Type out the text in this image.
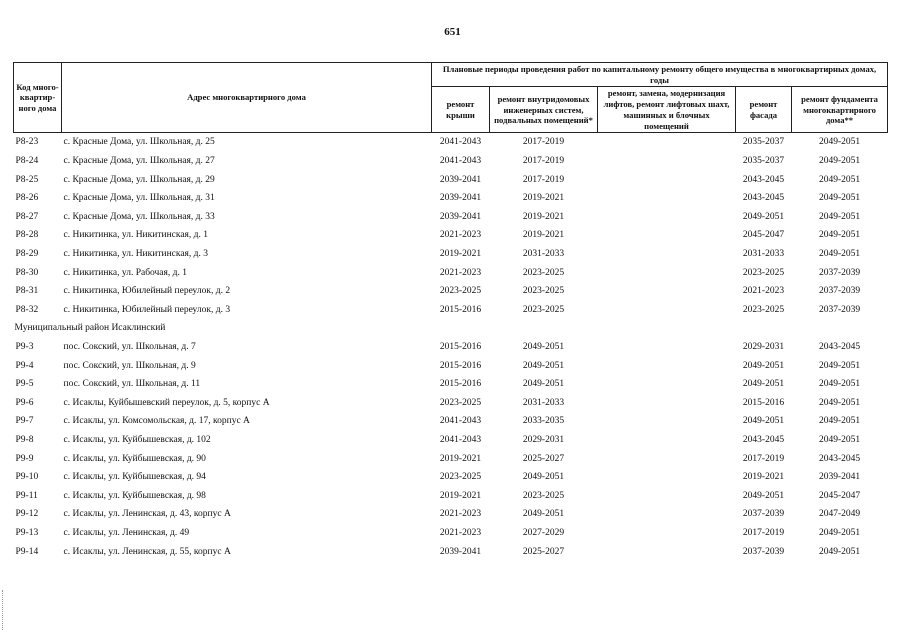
651
Код много-квартир-ного дома	Адрес многоквартирного дома	Плановые периоды проведения работ по капитальному ремонту общего имущества в многоквартирных домах, годы				
		ремонт крыши	ремонт внутридомовых инженерных систем, подвальных помещений*	ремонт, замена, модернизация лифтов, ремонт лифтовых шахт, машинных и блочных помещений	ремонт фасада	ремонт фундамента многоквартирного дома**
Р8-23	с. Красные Дома, ул. Школьная, д. 25	2041-2043	2017-2019		2035-2037	2049-2051
Р8-24	с. Красные Дома, ул. Школьная, д. 27	2041-2043	2017-2019		2035-2037	2049-2051
Р8-25	с. Красные Дома, ул. Школьная, д. 29	2039-2041	2017-2019		2043-2045	2049-2051
Р8-26	с. Красные Дома, ул. Школьная, д. 31	2039-2041	2019-2021		2043-2045	2049-2051
Р8-27	с. Красные Дома, ул. Школьная, д. 33	2039-2041	2019-2021		2049-2051	2049-2051
Р8-28	с. Никитинка, ул. Никитинская, д. 1	2021-2023	2019-2021		2045-2047	2049-2051
Р8-29	с. Никитинка, ул. Никитинская, д. 3	2019-2021	2031-2033		2031-2033	2049-2051
Р8-30	с. Никитинка, ул. Рабочая, д. 1	2021-2023	2023-2025		2023-2025	2037-2039
Р8-31	с. Никитинка, Юбилейный переулок, д. 2	2023-2025	2023-2025		2021-2023	2037-2039
Р8-32	с. Никитинка, Юбилейный переулок, д. 3	2015-2016	2023-2025		2023-2025	2037-2039
Муниципальный район Исаклинский						
Р9-3	пос. Сокский, ул. Школьная, д. 7	2015-2016	2049-2051		2029-2031	2043-2045
Р9-4	пос. Сокский, ул. Школьная, д. 9	2015-2016	2049-2051		2049-2051	2049-2051
Р9-5	пос. Сокский, ул. Школьная, д. 11	2015-2016	2049-2051		2049-2051	2049-2051
Р9-6	с. Исаклы, Куйбышевский переулок, д. 5, корпус А	2023-2025	2031-2033		2015-2016	2049-2051
Р9-7	с. Исаклы, ул. Комсомольская, д. 17, корпус А	2041-2043	2033-2035		2049-2051	2049-2051
Р9-8	с. Исаклы, ул. Куйбышевская, д. 102	2041-2043	2029-2031		2043-2045	2049-2051
Р9-9	с. Исаклы, ул. Куйбышевская, д. 90	2019-2021	2025-2027		2017-2019	2043-2045
Р9-10	с. Исаклы, ул. Куйбышевская, д. 94	2023-2025	2049-2051		2019-2021	2039-2041
Р9-11	с. Исаклы, ул. Куйбышевская, д. 98	2019-2021	2023-2025		2049-2051	2045-2047
Р9-12	с. Исаклы, ул. Ленинская, д. 43, корпус А	2021-2023	2049-2051		2037-2039	2047-2049
Р9-13	с. Исаклы, ул. Ленинская, д. 49	2021-2023	2027-2029		2017-2019	2049-2051
Р9-14	с. Исаклы, ул. Ленинская, д. 55, корпус А	2039-2041	2025-2027		2037-2039	2049-2051
